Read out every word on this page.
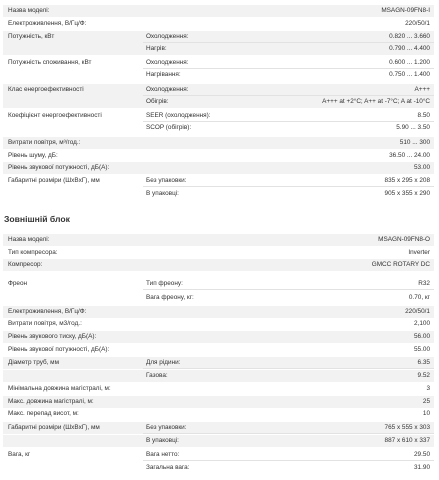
Назва моделі:	MSAGN-09FN8-I
Електроживлення, В/Гц/Ф:	220/50/1
Потужність, кВт	Охолодження:	0.820 ... 3.660
Нагрів:	0.790 ... 4.400
Потужність споживання, кВт	Охолодження:	0.600 ... 1.200
Нагрівання:	0.750 ... 1.400
Клас енергоефективності	Охолодження:	A+++
Обігрів:	A+++ at +2°C; A++ at -7°C; A at -10°C
Коефіцієнт енергоефективності	SEER (охолодження):	8.50
SCOP (обігрів):	5.90 ... 3.50
Витрати повітря, м³/год.:	510 ... 300
Рівень шуму, дБ:	36.50 ... 24.00
Рівень звукової потужності, дБ(А):	53.00
Габаритні розміри (ШxВxГ), мм	Без упаковки:	835 x 295 x 208
В упаковці:	905 x 355 x 290
Зовнішній блок
Назва моделі:	MSAGN-09FN8-O
Тип компресора:	Inverter
Компресор:	GMCC ROTARY DC
Фреон	Тип фреону:	R32
Вага фреону, кг:	0.70, кг
Електроживлення, В/Гц/Ф:	220/50/1
Витрати повітря, м3/год.:	2,100
Рівень звукового тиску, дБ(А):	56.00
Рівень звукової потужності, дБ(А):	55.00
Діаметр труб, мм	Для рідини:	6.35
Газова:	9.52
Мінімальна довжина магістралі, м:	3
Макс. довжина магістралі, м:	25
Макс. перепад висот, м:	10
Габаритні розміри (ШxВxГ), мм	Без упаковки:	765 x 555 x 303
В упаковці:	887 x 610 x 337
Вага, кг	Вага нетто:	29.50
Загальна вага:	31.90
